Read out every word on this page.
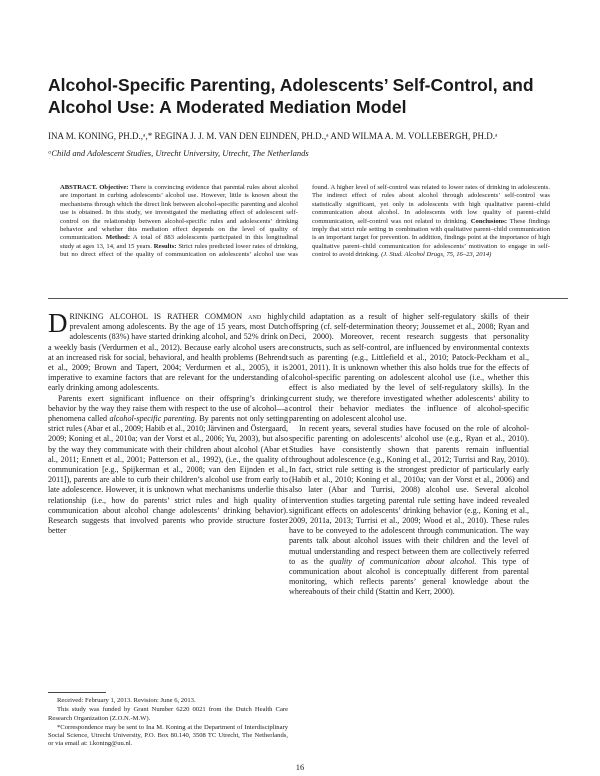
Alcohol-Specific Parenting, Adolescents’ Self-Control, and Alcohol Use: A Moderated Mediation Model
INA M. KONING, PH.D.,ᵃ,* REGINA J. J. M. VAN DEN EIJNDEN, PH.D.,ᵃ AND WILMA A. M. VOLLEBERGH, PH.D.ᵃ
ᵃChild and Adolescent Studies, Utrecht University, Utrecht, The Netherlands

ABSTRACT. Objective: There is convincing evidence that parental rules about alcohol are important in curbing adolescents’ alcohol use. However, little is known about the mechanisms through which the direct link between alcohol-specific parenting and alcohol use is obtained. In this study, we investigated the mediating effect of adolescent self-control on the relationship between alcohol-specific rules and adolescents’ drinking behavior and whether this mediation effect depends on the level of quality of communication. Method: A total of 883 adolescents participated in this longitudinal study at ages 13, 14, and 15 years. Results: Strict rules predicted lower rates of drinking, but no direct effect of the quality of communication on adolescents’ alcohol use was found. A higher level of self-control was related to lower rates of drinking in adolescents. The indirect effect of rules about alcohol through adolescents’ self-control was statistically significant, yet only in adolescents with high qualitative parent–child communication about alcohol. In adolescents with low quality of parent–child communication, self-control was not related to drinking. Conclusions: These findings imply that strict rule setting in combination with qualitative parent–child communication is an important target for prevention. In addition, findings point at the importance of high qualitative parent–child communication for adolescents’ motivation to engage in self-control to avoid drinking. (J. Stud. Alcohol Drugs, 75, 16–23, 2014)

D RINKING ALCOHOL IS RATHER COMMON and highly prevalent among adolescents. By the age of 15 years, most Dutch adolescents (83%) have started drinking alcohol, and 52% drink on a weekly basis (Verdurmen et al., 2012). Because early alcohol users are at an increased risk for social, behavioral, and health problems (Behrendt et al., 2009; Brown and Tapert, 2004; Verdurmen et al., 2005), it is imperative to examine factors that are relevant for the understanding of early drinking among adolescents.

Parents exert significant influence on their offspring’s drinking behavior by the way they raise them with respect to the use of alcohol—a phenomena called alcohol-specific parenting. By parents not only setting strict rules (Abar et al., 2009; Habib et al., 2010; Järvinen and Östergaard, 2009; Koning et al., 2010a; van der Vorst et al., 2006; Yu, 2003), but also by the way they communicate with their children about alcohol (Abar et al., 2011; Ennett et al., 2001; Patterson et al., 1992), (i.e., the quality of communication [e.g., Spijkerman et al., 2008; van den Eijnden et al., 2011]), parents are able to curb their children’s alcohol use from early to late adolescence. However, it is unknown what mechanisms underlie this relationship (i.e., how do parents’ strict rules and high quality of communication about alcohol change adolescents’ drinking behavior). Research suggests that involved parents who provide structure foster better

child adaptation as a result of higher self-regulatory skills of their offspring (cf. self-determination theory; Joussemet et al., 2008; Ryan and Deci, 2000). Moreover, recent research suggests that personality constructs, such as self-control, are influenced by environmental contexts such as parenting (e.g., Littlefield et al., 2010; Patock-Peckham et al., 2001, 2011). It is unknown whether this also holds true for the effects of alcohol-specific parenting on adolescent alcohol use (i.e., whether this effect is also mediated by the level of self-regulatory skills). In the current study, we therefore investigated whether adolescents’ ability to control their behavior mediates the influence of alcohol-specific parenting on adolescent alcohol use.

In recent years, several studies have focused on the role of alcohol-specific parenting on adolescents’ alcohol use (e.g., Ryan et al., 2010). Studies have consistently shown that parents remain influential throughout adolescence (e.g., Koning et al., 2012; Turrisi and Ray, 2010). In fact, strict rule setting is the strongest predictor of particularly early (Habib et al., 2010; Koning et al., 2010a; van der Vorst et al., 2006) and also later (Abar and Turrisi, 2008) alcohol use. Several alcohol intervention studies targeting parental rule setting have indeed revealed significant effects on adolescents’ drinking behavior (e.g., Koning et al., 2009, 2011a, 2013; Turrisi et al., 2009; Wood et al., 2010). These rules have to be conveyed to the adolescent through communication. The way parents talk about alcohol issues with their children and the level of mutual understanding and respect between them are collectively referred to as the quality of communication about alcohol. This type of communication about alcohol is conceptually different from parental monitoring, which reflects parents’ general knowledge about the whereabouts of their child (Stattin and Kerr, 2000).

Received: February 1, 2013. Revision: June 6, 2013.

This study was funded by Grant Number 6220 0021 from the Dutch Health Care Research Organization (Z.O.N.-M.W).

*Correspondence may be sent to Ina M. Koning at the Department of Interdisciplinary Social Science, Utrecht University, P.O. Box 80.140, 3508 TC Utrecht, The Netherlands, or via email at: i.koning@uu.nl.

16
